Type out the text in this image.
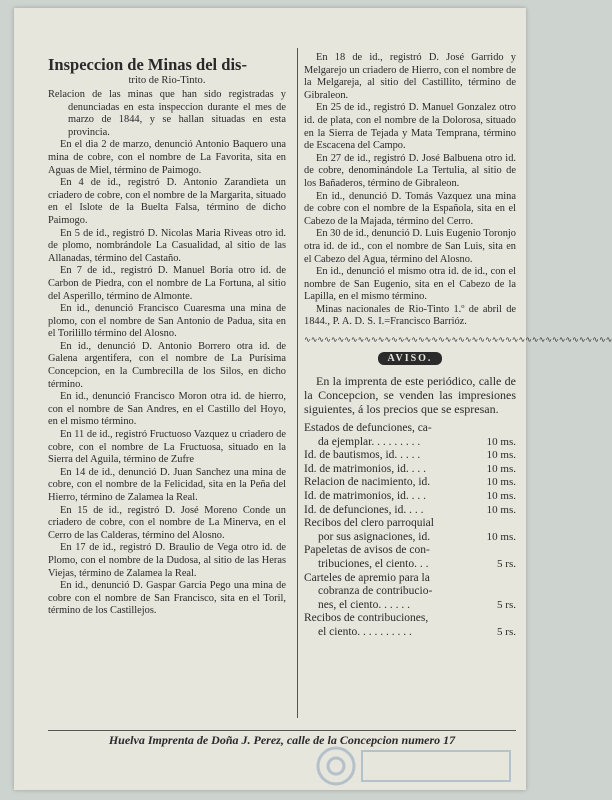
Inspeccion de Minas del dis-
trito de Rio-Tinto.

Relacion de las minas que han sido registradas y denunciadas en esta inspeccion durante el mes de marzo de 1844, y se hallan situadas en esta provincia.

En el dia 2 de marzo, denunció Antonio Baquero una mina de cobre, con el nombre de La Favorita, sita en Aguas de Miel, término de Paimogo.

En 4 de id., registró D. Antonio Zarandieta un criadero de cobre, con el nombre de la Margarita, situado en el Islote de la Buelta Falsa, término de dicho Paimogo.

En 5 de id., registró D. Nicolas Maria Riveas otro id. de plomo, nombrándole La Casualidad, al sitio de las Allanadas, término del Castaño.

En 7 de id., registró D. Manuel Boria otro id. de Carbon de Piedra, con el nombre de La Fortuna, al sitio del Asperillo, término de Almonte.

En id., denunció Francisco Cuaresma una mina de plomo, con el nombre de San Antonio de Padua, sita en el Torilillo término del Alosno.

En id., denunció D. Antonio Borrero otra id. de Galena argentifera, con el nombre de La Purísima Concepcion, en la Cumbrecilla de los Silos, en dicho término.

En id., denunció Francisco Moron otra id. de hierro, con el nombre de San Andres, en el Castillo del Hoyo, en el mismo término.

En 11 de id., registró Fructuoso Vazquez u criadero de cobre, con el nombre de La Fructuosa, situado en la Sierra del Aguila, término de Zufre

En 14 de id., denunció D. Juan Sanchez una mina de cobre, con el nombre de la Felicidad, sita en la Peña del Hierro, término de Zalamea la Real.

En 15 de id., registró D. José Moreno Conde un criadero de cobre, con el nombre de La Minerva, en el Cerro de las Calderas, término del Alosno.

En 17 de id., registró D. Braulio de Vega otro id. de Plomo, con el nombre de la Dudosa, al sitio de las Heras Viejas, término de Zalamea la Real.

En id., denunció D. Gaspar Garcia Pego una mina de cobre con el nombre de San Francisco, sita en el Toril, término de los Castillejos.

En 18 de id., registró D. José Garrido y Melgarejo un criadero de Hierro, con el nombre de la Melgareja, al sitio del Castillito, término de Gibraleon.

En 25 de id., registró D. Manuel Gonzalez otro id. de plata, con el nombre de la Dolorosa, situado en la Sierra de Tejada y Mata Temprana, término de Escacena del Campo.

En 27 de id., registró D. José Balbuena otro id. de cobre, denominándole La Tertulia, al sitio de los Bañaderos, término de Gibraleon.

En id., denunció D. Tomás Vazquez una mina de cobre con el nombre de la Española, sita en el Cabezo de la Majada, término del Cerro.

En 30 de id., denunció D. Luis Eugenio Toronjo otra id. de id., con el nombre de San Luis, sita en el Cabezo del Agua, término del Alosno.

En id., denunció el mismo otra id. de id., con el nombre de San Eugenio, sita en el Cabezo de la Lapilla, en el mismo término.

Minas nacionales de Rio-Tinto 1.º de abril de 1844., P. A. D. S. I.=Francisco Barrióz.

∿∿∿∿∿∿∿∿∿∿∿∿∿∿∿∿∿∿∿∿∿∿∿∿∿∿∿∿∿∿∿∿∿∿∿∿∿∿∿∿∿∿∿∿∿∿
AVISO.

En la imprenta de este periódico, calle de la Concepcion, se venden las impresiones siguientes, á los precios que se espresan.

Estados de defunciones, ca-
da ejemplar. . . . . . . . .	10 ms.
Id. de bautismos, id. . . . .	10 ms.
Id. de matrimonios, id. . . .	10 ms.
Relacion de nacimiento, id.	10 ms.
Id. de matrimonios, id. . . .	10 ms.
Id. de defunciones, id. . . .	10 ms.
Recibos del clero parroquial
por sus asignaciones, id.	10 ms.
Papeletas de avisos de con-
tribuciones, el ciento. . .	5 rs.
Carteles de apremio para la
cobranza de contribucio-
nes, el ciento. . . . . .	5 rs.
Recibos de contribuciones,
el ciento. . . . . . . . . .	5 rs.
Huelva Imprenta de Doña J. Perez, calle de la Concepcion numero 17
